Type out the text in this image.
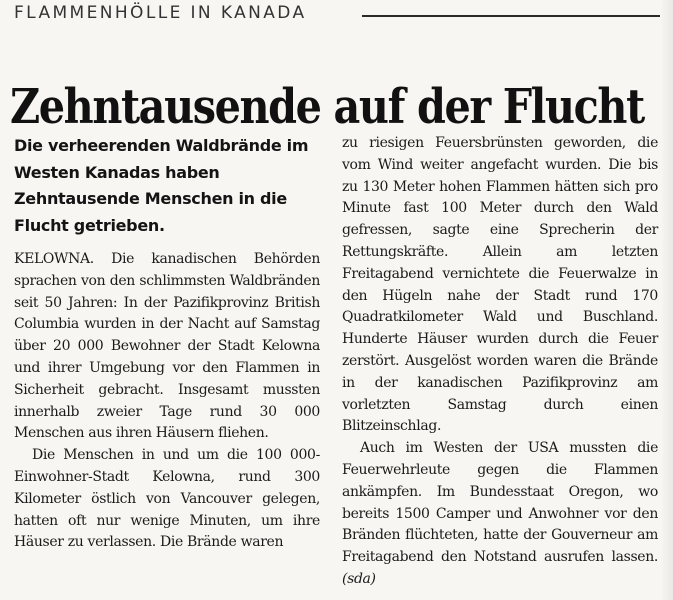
FLAMMENHÖLLE IN KANADA
Zehntausende auf der Flucht

Die verheerenden Waldbrände im Westen Kanadas haben Zehntausende Menschen in die Flucht getrieben.

KELOWNA. Die kanadischen Behörden sprachen von den schlimmsten Waldbränden seit 50 Jahren: In der Pazifikprovinz British Columbia wurden in der Nacht auf Samstag über 20 000 Bewohner der Stadt Kelowna und ihrer Umgebung vor den Flammen in Sicherheit gebracht. Insgesamt mussten innerhalb zweier Tage rund 30 000 Menschen aus ihren Häusern fliehen.

Die Menschen in und um die 100 000-Einwohner-Stadt Kelowna, rund 300 Kilometer östlich von Vancouver gelegen, hatten oft nur wenige Minuten, um ihre Häuser zu verlassen. Die Brände waren

zu riesigen Feuersbrünsten geworden, die vom Wind weiter angefacht wurden. Die bis zu 130 Meter hohen Flammen hätten sich pro Minute fast 100 Meter durch den Wald gefressen, sagte eine Sprecherin der Rettungskräfte. Allein am letzten Freitagabend vernichtete die Feuerwalze in den Hügeln nahe der Stadt rund 170 Quadratkilometer Wald und Buschland. Hunderte Häuser wurden durch die Feuer zerstört. Ausgelöst worden waren die Brände in der kanadischen Pazifikprovinz am vorletzten Samstag durch einen Blitzeinschlag.

Auch im Westen der USA mussten die Feuerwehrleute gegen die Flammen ankämpfen. Im Bundesstaat Oregon, wo bereits 1500 Camper und Anwohner vor den Bränden flüchteten, hatte der Gouverneur am Freitagabend den Notstand ausrufen lassen. (sda)
